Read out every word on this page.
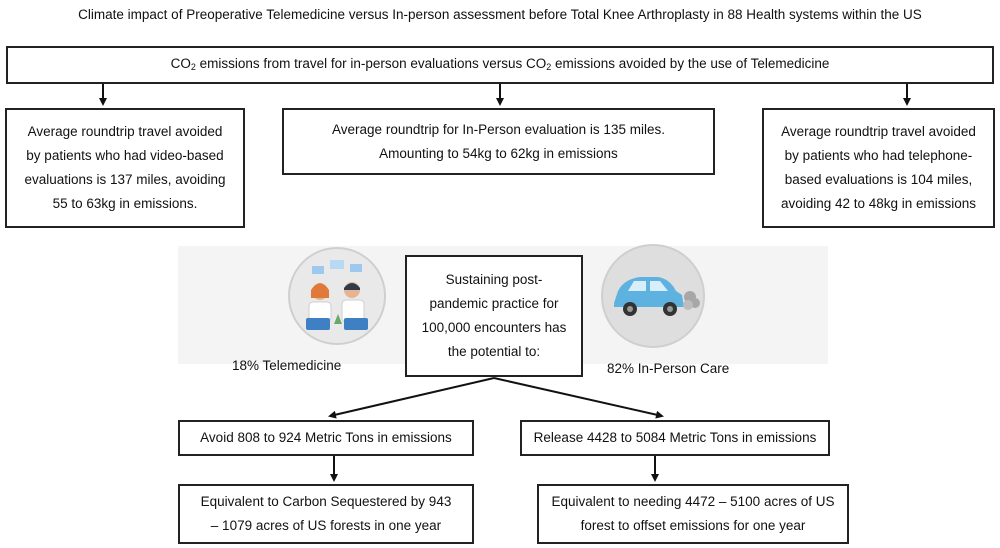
Climate impact of Preoperative Telemedicine versus In-person assessment before Total Knee Arthroplasty in 88 Health systems within the US
$CO_2$ emissions from travel for in-person evaluations versus $CO_2$ emissions avoided by the use of Telemedicine
Average roundtrip travel avoided
by patients who had video-based
evaluations is 137 miles, avoiding
55 to 63kg in emissions.
Average roundtrip for In-Person evaluation is 135 miles.
Amounting to 54kg to 62kg in emissions
Average roundtrip travel avoided
by patients who had telephone-
based evaluations is 104 miles,
avoiding 42 to 48kg in emissions
18% Telemedicine	82% In-Person Care
Sustaining post-
pandemic practice for
100,000 encounters has
the potential to:
Avoid 808 to 924 Metric Tons in emissions	Release 4428 to 5084 Metric Tons in emissions
Equivalent to Carbon Sequestered by 943
– 1079 acres of US forests in one year
Equivalent to needing 4472 – 5100 acres of US
forest to offset emissions for one year
